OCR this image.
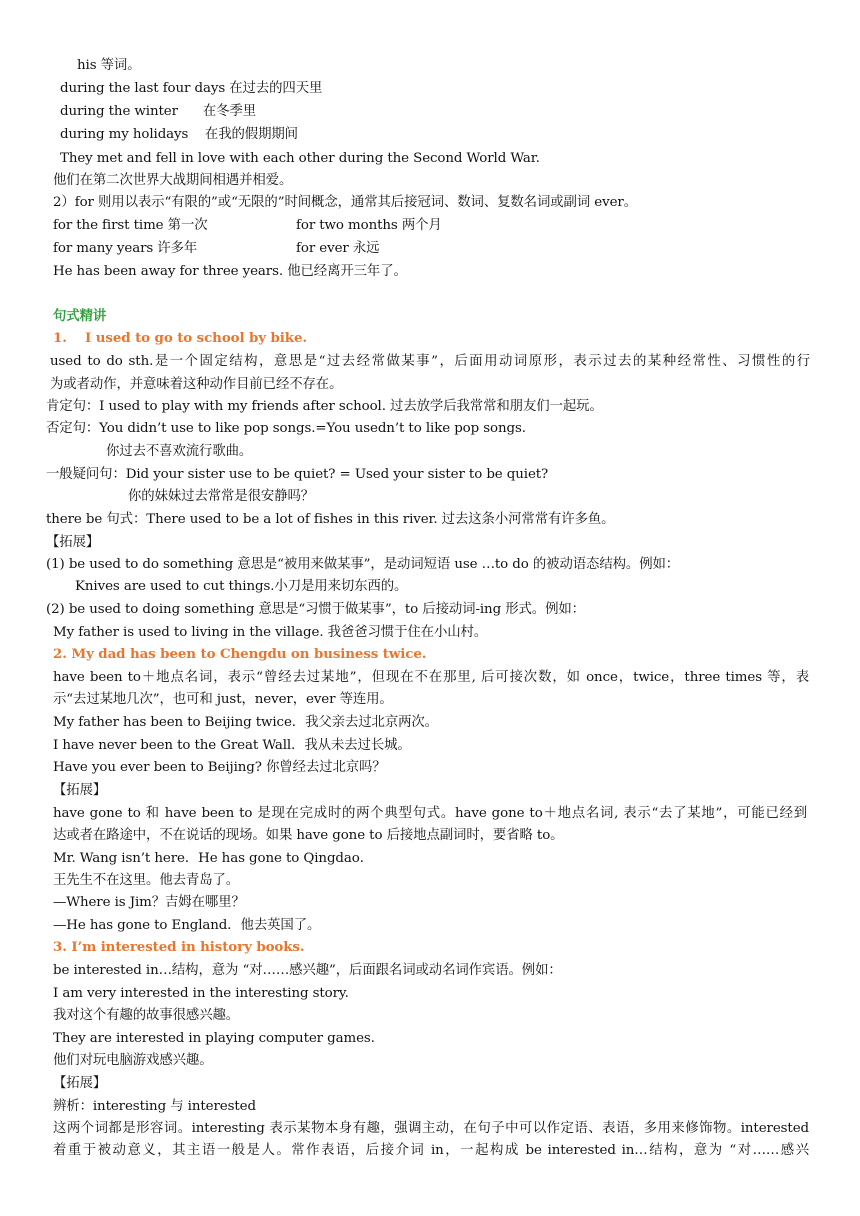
his 等词。
during the last four days 在过去的四天里
during the winter      在冬季里
during my holidays    在我的假期期间
They met and fell in love with each other during the Second World War.
他们在第二次世界大战期间相遇并相爱。
2）for 则用以表示“有限的”或“无限的”时间概念，通常其后接冠词、数词、复数名词或副词 ever。
for the first time 第一次	for two months 两个月
for many years 许多年	for ever 永远
He has been away for three years. 他已经离开三年了。
句式精讲
1.    I used to go to school by bike.
used to do sth.是一个固定结构，意思是“过去经常做某事”，后面用动词原形，表示过去的某种经常性、习惯性的行
为或者动作，并意味着这种动作目前已经不存在。
肯定句：I used to play with my friends after school. 过去放学后我常常和朋友们一起玩。
否定句：You didn’t use to like pop songs.=You usedn’t to like pop songs.
你过去不喜欢流行歌曲。
一般疑问句：Did your sister use to be quiet? = Used your sister to be quiet?
你的妹妹过去常常是很安静吗？
there be 句式：There used to be a lot of fishes in this river. 过去这条小河常常有许多鱼。
【拓展】
(1) be used to do something 意思是“被用来做某事”，是动词短语 use …to do 的被动语态结构。例如：
Knives are used to cut things.小刀是用来切东西的。
(2) be used to doing something 意思是“习惯于做某事”，to 后接动词-ing 形式。例如：
My father is used to living in the village. 我爸爸习惯于住在小山村。
2. My dad has been to Chengdu on business twice.
have been to＋地点名词，表示“曾经去过某地”，但现在不在那里, 后可接次数，如 once，twice，three times 等，表
示“去过某地几次”，也可和 just，never，ever 等连用。
My father has been to Beijing twice．我父亲去过北京两次。
I have never been to the Great Wall．我从未去过长城。
Have you ever been to Beijing? 你曾经去过北京吗？
【拓展】
have gone to 和 have been to 是现在完成时的两个典型句式。have gone to＋地点名词, 表示“去了某地”，可能已经到
达或者在路途中，不在说话的现场。如果 have gone to 后接地点副词时，要省略 to。
Mr. Wang isn’t here．He has gone to Qingdao．
王先生不在这里。他去青岛了。
—Where is Jim？吉姆在哪里？
—He has gone to England．他去英国了。
3. I’m interested in history books.
be interested in…结构，意为 “对……感兴趣”，后面跟名词或动名词作宾语。例如：
I am very interested in the interesting story.
我对这个有趣的故事很感兴趣。
They are interested in playing computer games.
他们对玩电脑游戏感兴趣。
【拓展】
辨析：interesting 与 interested
这两个词都是形容词。interesting 表示某物本身有趣，强调主动，在句子中可以作定语、表语，多用来修饰物。interested
着重于被动意义，其主语一般是人。常作表语，后接介词 in，一起构成 be interested in…结构，意为 “对……感兴
